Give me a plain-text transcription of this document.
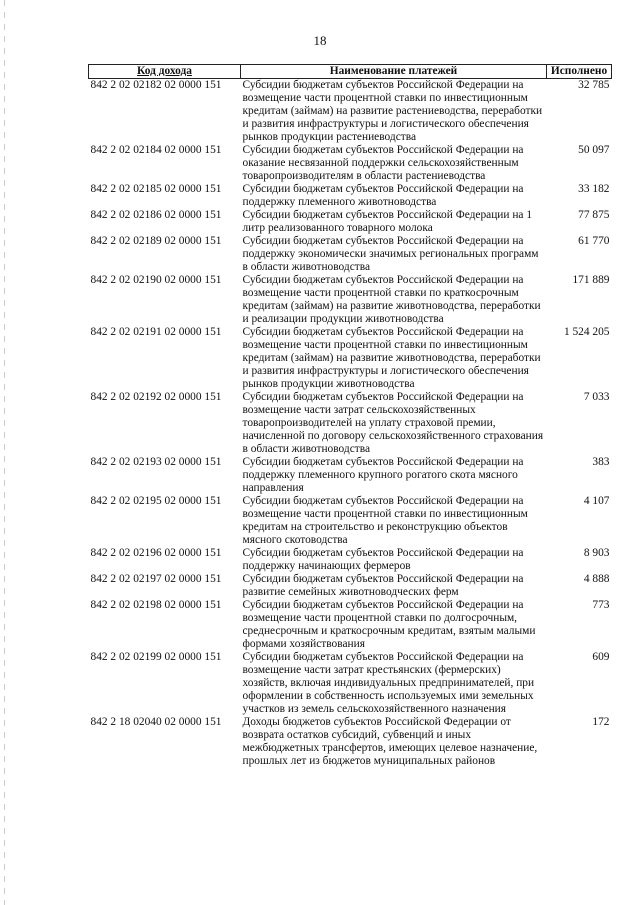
18
Код дохода	Наименование платежей	Исполнено
842 2 02 02182 02 0000 151	Субсидии бюджетам субъектов Российской Федерации на возмещение части процентной ставки по инвестиционным кредитам (займам) на развитие растениеводства, переработки и развития инфраструктуры и логистического обеспечения рынков продукции растениеводства	32 785
842 2 02 02184 02 0000 151	Субсидии бюджетам субъектов Российской Федерации на оказание несвязанной поддержки сельскохозяйственным товаропроизводителям в области растениеводства	50 097
842 2 02 02185 02 0000 151	Субсидии бюджетам субъектов Российской Федерации на поддержку племенного животноводства	33 182
842 2 02 02186 02 0000 151	Субсидии бюджетам субъектов Российской Федерации на 1 литр реализованного товарного молока	77 875
842 2 02 02189 02 0000 151	Субсидии бюджетам субъектов Российской Федерации на поддержку экономически значимых региональных программ в области животноводства	61 770
842 2 02 02190 02 0000 151	Субсидии бюджетам субъектов Российской Федерации на возмещение части процентной ставки по краткосрочным кредитам (займам) на развитие животноводства, переработки и реализации продукции животноводства	171 889
842 2 02 02191 02 0000 151	Субсидии бюджетам субъектов Российской Федерации на возмещение части процентной ставки по инвестиционным кредитам (займам) на развитие животноводства, переработки и развития инфраструктуры и логистического обеспечения рынков продукции животноводства	1 524 205
842 2 02 02192 02 0000 151	Субсидии бюджетам субъектов Российской Федерации на возмещение части затрат сельскохозяйственных товаропроизводителей на уплату страховой премии, начисленной по договору сельскохозяйственного страхования в области животноводства	7 033
842 2 02 02193 02 0000 151	Субсидии бюджетам субъектов Российской Федерации на поддержку племенного крупного рогатого скота мясного направления	383
842 2 02 02195 02 0000 151	Субсидии бюджетам субъектов Российской Федерации на возмещение части процентной ставки по инвестиционным кредитам на строительство и реконструкцию объектов мясного скотоводства	4 107
842 2 02 02196 02 0000 151	Субсидии бюджетам субъектов Российской Федерации на поддержку начинающих фермеров	8 903
842 2 02 02197 02 0000 151	Субсидии бюджетам субъектов Российской Федерации на развитие семейных животноводческих ферм	4 888
842 2 02 02198 02 0000 151	Субсидии бюджетам субъектов Российской Федерации на возмещение части процентной ставки по долгосрочным, среднесрочным и краткосрочным кредитам, взятым малыми формами хозяйствования	773
842 2 02 02199 02 0000 151	Субсидии бюджетам субъектов Российской Федерации на возмещение части затрат крестьянских (фермерских) хозяйств, включая индивидуальных предпринимателей, при оформлении в собственность используемых ими земельных участков из земель сельскохозяйственного назначения	609
842 2 18 02040 02 0000 151	Доходы бюджетов субъектов Российской Федерации от возврата остатков субсидий, субвенций и иных межбюджетных трансфертов, имеющих целевое назначение, прошлых лет из бюджетов муниципальных районов	172
